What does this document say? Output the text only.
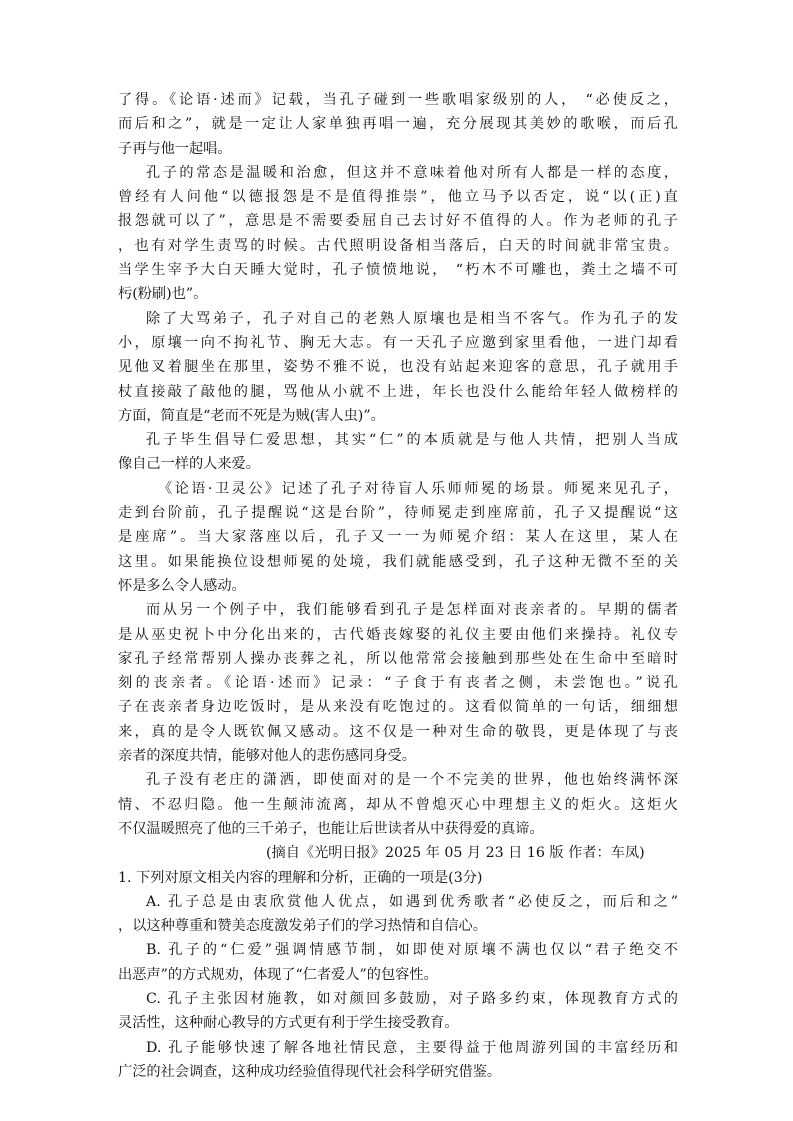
了得。《论语·述而》记载，当孔子碰到一些歌唱家级别的人， “必使反之，
而后和之”，就是一定让人家单独再唱一遍，充分展现其美妙的歌喉，而后孔
子再与他一起唱。
孔子的常态是温暖和治愈，但这并不意味着他对所有人都是一样的态度，
曾经有人问他“以德报怨是不是值得推崇”，他立马予以否定，说“以(正)直
报怨就可以了”，意思是不需要委屈自己去讨好不值得的人。作为老师的孔子
，也有对学生责骂的时候。古代照明设备相当落后，白天的时间就非常宝贵。
当学生宰予大白天睡大觉时，孔子愤愤地说， “朽木不可雕也，粪土之墙不可
杇(粉刷)也”。
除了大骂弟子，孔子对自己的老熟人原壤也是相当不客气。作为孔子的发
小，原壤一向不拘礼节、胸无大志。有一天孔子应邀到家里看他，一进门却看
见他叉着腿坐在那里，姿势不雅不说，也没有站起来迎客的意思，孔子就用手
杖直接敲了敲他的腿，骂他从小就不上进，年长也没什么能给年轻人做榜样的
方面，简直是“老而不死是为贼(害人虫)”。
孔子毕生倡导仁爱思想，其实“仁”的本质就是与他人共情，把别人当成
像自己一样的人来爱。
《论语·卫灵公》记述了孔子对待盲人乐师师冕的场景。师冕来见孔子，
走到台阶前，孔子提醒说“这是台阶”，待师冕走到座席前，孔子又提醒说“这
是座席”。当大家落座以后，孔子又一一为师冕介绍：某人在这里，某人在
这里。如果能换位设想师冕的处境，我们就能感受到，孔子这种无微不至的关
怀是多么令人感动。
而从另一个例子中，我们能够看到孔子是怎样面对丧亲者的。早期的儒者
是从巫史祝卜中分化出来的，古代婚丧嫁娶的礼仪主要由他们来操持。礼仪专
家孔子经常帮别人操办丧葬之礼，所以他常常会接触到那些处在生命中至暗时
刻的丧亲者。《论语·述而》记录：“子食于有丧者之侧，未尝饱也。”说孔
子在丧亲者身边吃饭时，是从来没有吃饱过的。这看似简单的一句话，细细想
来，真的是令人既钦佩又感动。这不仅是一种对生命的敬畏，更是体现了与丧
亲者的深度共情，能够对他人的悲伤感同身受。
孔子没有老庄的潇洒，即使面对的是一个不完美的世界，他也始终满怀深
情、不忍归隐。他一生颠沛流离，却从不曾熄灭心中理想主义的炬火。这炬火
不仅温暖照亮了他的三千弟子，也能让后世读者从中获得爱的真谛。
(摘自《光明日报》2025 年 05 月 23 日 16 版 作者：车凤)
1. 下列对原文相关内容的理解和分析，正确的一项是(3分)
A. 孔子总是由衷欣赏他人优点，如遇到优秀歌者“必使反之，而后和之”
，以这种尊重和赞美态度激发弟子们的学习热情和自信心。
B. 孔子的“仁爱”强调情感节制，如即使对原壤不满也仅以“君子绝交不
出恶声”的方式规劝，体现了“仁者爱人”的包容性。
C. 孔子主张因材施教，如对颜回多鼓励，对子路多约束，体现教育方式的
灵活性，这种耐心教导的方式更有利于学生接受教育。
D. 孔子能够快速了解各地社情民意，主要得益于他周游列国的丰富经历和
广泛的社会调查，这种成功经验值得现代社会科学研究借鉴。
